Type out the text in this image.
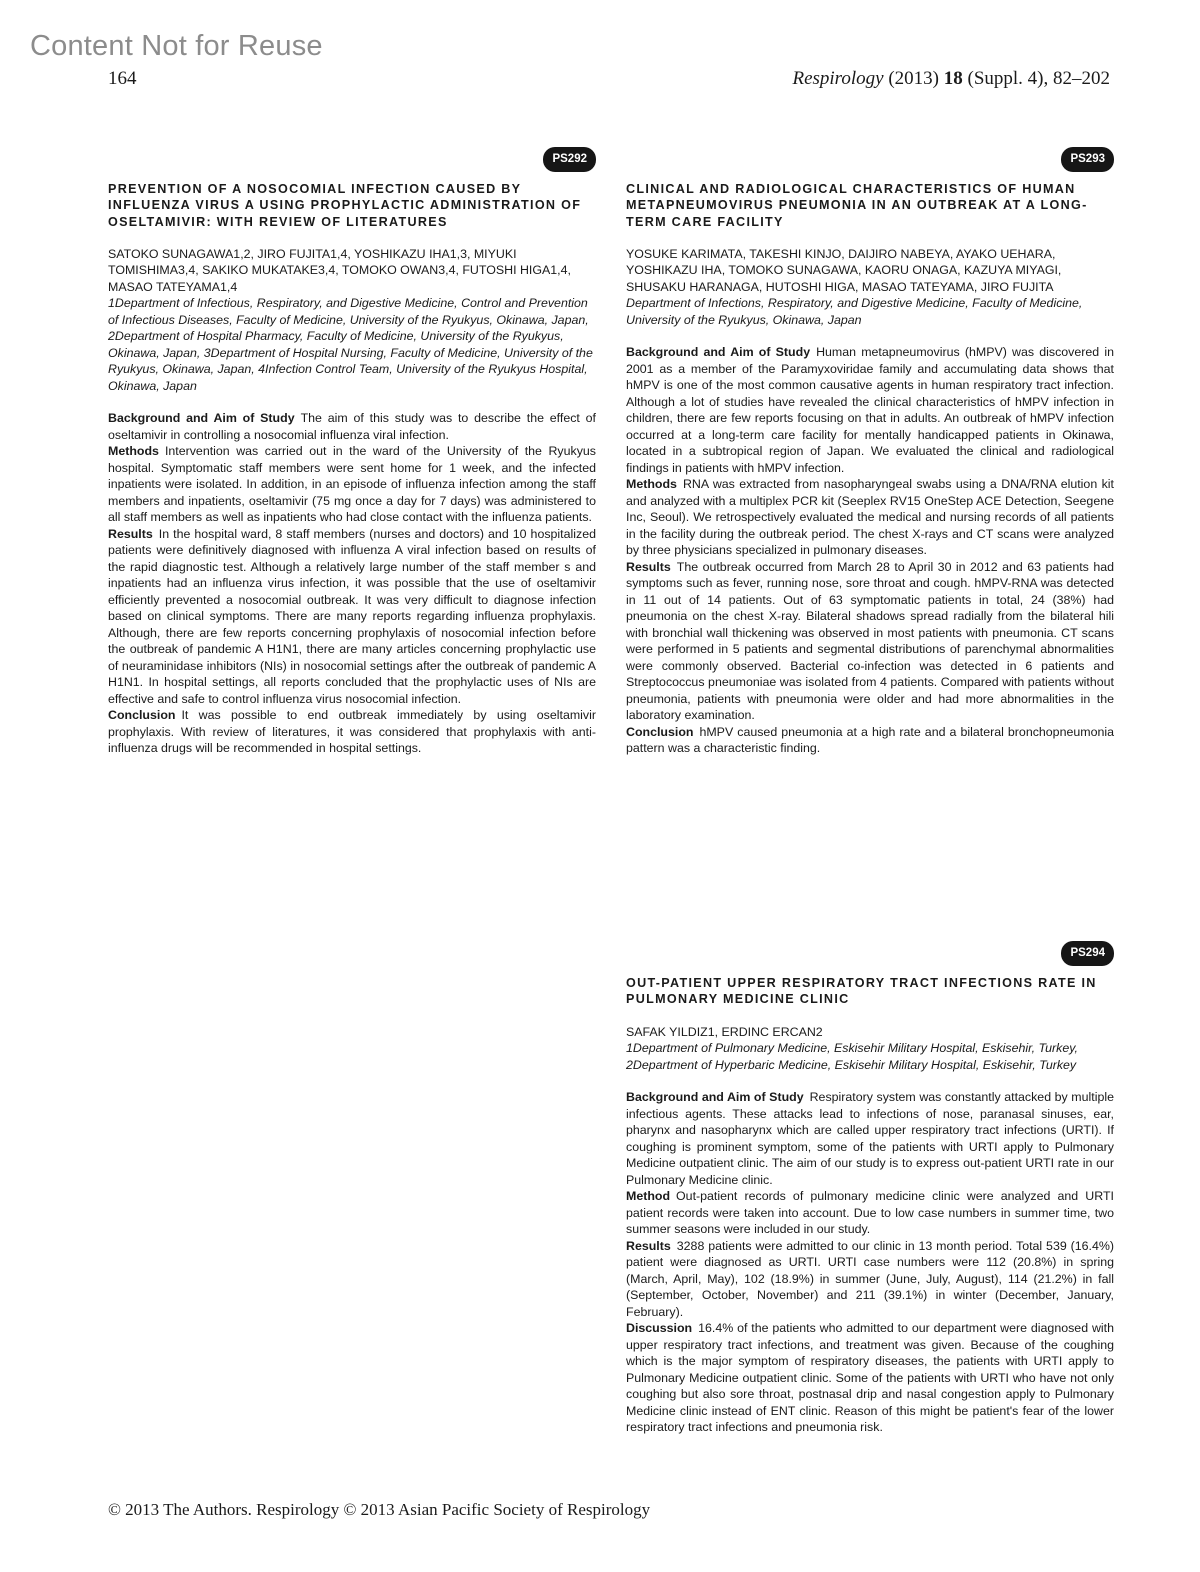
Content Not for Reuse
164	Respirology (2013) 18 (Suppl. 4), 82–202
PS292
PREVENTION OF A NOSOCOMIAL INFECTION CAUSED BY INFLUENZA VIRUS A USING PROPHYLACTIC ADMINISTRATION OF OSELTAMIVIR: WITH REVIEW OF LITERATURES
SATOKO SUNAGAWA1,2, JIRO FUJITA1,4, YOSHIKAZU IHA1,3, MIYUKI TOMISHIMA3,4, SAKIKO MUKATAKE3,4, TOMOKO OWAN3,4, FUTOSHI HIGA1,4, MASAO TATEYAMA1,4
1Department of Infectious, Respiratory, and Digestive Medicine, Control and Prevention of Infectious Diseases, Faculty of Medicine, University of the Ryukyus, Okinawa, Japan, 2Department of Hospital Pharmacy, Faculty of Medicine, University of the Ryukyus, Okinawa, Japan, 3Department of Hospital Nursing, Faculty of Medicine, University of the Ryukyus, Okinawa, Japan, 4Infection Control Team, University of the Ryukyus Hospital, Okinawa, Japan

Background and Aim of Study The aim of this study was to describe the effect of oseltamivir in controlling a nosocomial influenza viral infection.

Methods Intervention was carried out in the ward of the University of the Ryukyus hospital. Symptomatic staff members were sent home for 1 week, and the infected inpatients were isolated. In addition, in an episode of influenza infection among the staff members and inpatients, oseltamivir (75 mg once a day for 7 days) was administered to all staff members as well as inpatients who had close contact with the influenza patients.

Results In the hospital ward, 8 staff members (nurses and doctors) and 10 hospitalized patients were definitively diagnosed with influenza A viral infection based on results of the rapid diagnostic test. Although a relatively large number of the staff member s and inpatients had an influenza virus infection, it was possible that the use of oseltamivir efficiently prevented a nosocomial outbreak. It was very difficult to diagnose infection based on clinical symptoms. There are many reports regarding influenza prophylaxis. Although, there are few reports concerning prophylaxis of nosocomial infection before the outbreak of pandemic A H1N1, there are many articles concerning prophylactic use of neuraminidase inhibitors (NIs) in nosocomial settings after the outbreak of pandemic A H1N1. In hospital settings, all reports concluded that the prophylactic uses of NIs are effective and safe to control influenza virus nosocomial infection.

Conclusion It was possible to end outbreak immediately by using oseltamivir prophylaxis. With review of literatures, it was considered that prophylaxis with anti-influenza drugs will be recommended in hospital settings.

PS293
CLINICAL AND RADIOLOGICAL CHARACTERISTICS OF HUMAN METAPNEUMOVIRUS PNEUMONIA IN AN OUTBREAK AT A LONG-TERM CARE FACILITY
YOSUKE KARIMATA, TAKESHI KINJO, DAIJIRO NABEYA, AYAKO UEHARA, YOSHIKAZU IHA, TOMOKO SUNAGAWA, KAORU ONAGA, KAZUYA MIYAGI, SHUSAKU HARANAGA, HUTOSHI HIGA, MASAO TATEYAMA, JIRO FUJITA
Department of Infections, Respiratory, and Digestive Medicine, Faculty of Medicine, University of the Ryukyus, Okinawa, Japan

Background and Aim of Study Human metapneumovirus (hMPV) was discovered in 2001 as a member of the Paramyxoviridae family and accumulating data shows that hMPV is one of the most common causative agents in human respiratory tract infection. Although a lot of studies have revealed the clinical characteristics of hMPV infection in children, there are few reports focusing on that in adults. An outbreak of hMPV infection occurred at a long-term care facility for mentally handicapped patients in Okinawa, located in a subtropical region of Japan. We evaluated the clinical and radiological findings in patients with hMPV infection.

Methods RNA was extracted from nasopharyngeal swabs using a DNA/RNA elution kit and analyzed with a multiplex PCR kit (Seeplex RV15 OneStep ACE Detection, Seegene Inc, Seoul). We retrospectively evaluated the medical and nursing records of all patients in the facility during the outbreak period. The chest X-rays and CT scans were analyzed by three physicians specialized in pulmonary diseases.

Results The outbreak occurred from March 28 to April 30 in 2012 and 63 patients had symptoms such as fever, running nose, sore throat and cough. hMPV-RNA was detected in 11 out of 14 patients. Out of 63 symptomatic patients in total, 24 (38%) had pneumonia on the chest X-ray. Bilateral shadows spread radially from the bilateral hili with bronchial wall thickening was observed in most patients with pneumonia. CT scans were performed in 5 patients and segmental distributions of parenchymal abnormalities were commonly observed. Bacterial co-infection was detected in 6 patients and Streptococcus pneumoniae was isolated from 4 patients. Compared with patients without pneumonia, patients with pneumonia were older and had more abnormalities in the laboratory examination.

Conclusion hMPV caused pneumonia at a high rate and a bilateral bronchopneumonia pattern was a characteristic finding.

PS294
OUT-PATIENT UPPER RESPIRATORY TRACT INFECTIONS RATE IN PULMONARY MEDICINE CLINIC
SAFAK YILDIZ1, ERDINC ERCAN2
1Department of Pulmonary Medicine, Eskisehir Military Hospital, Eskisehir, Turkey, 2Department of Hyperbaric Medicine, Eskisehir Military Hospital, Eskisehir, Turkey

Background and Aim of Study Respiratory system was constantly attacked by multiple infectious agents. These attacks lead to infections of nose, paranasal sinuses, ear, pharynx and nasopharynx which are called upper respiratory tract infections (URTI). If coughing is prominent symptom, some of the patients with URTI apply to Pulmonary Medicine outpatient clinic. The aim of our study is to express out-patient URTI rate in our Pulmonary Medicine clinic.

Method Out-patient records of pulmonary medicine clinic were analyzed and URTI patient records were taken into account. Due to low case numbers in summer time, two summer seasons were included in our study.

Results 3288 patients were admitted to our clinic in 13 month period. Total 539 (16.4%) patient were diagnosed as URTI. URTI case numbers were 112 (20.8%) in spring (March, April, May), 102 (18.9%) in summer (June, July, August), 114 (21.2%) in fall (September, October, November) and 211 (39.1%) in winter (December, January, February).

Discussion 16.4% of the patients who admitted to our department were diagnosed with upper respiratory tract infections, and treatment was given. Because of the coughing which is the major symptom of respiratory diseases, the patients with URTI apply to Pulmonary Medicine outpatient clinic. Some of the patients with URTI who have not only coughing but also sore throat, postnasal drip and nasal congestion apply to Pulmonary Medicine clinic instead of ENT clinic. Reason of this might be patient's fear of the lower respiratory tract infections and pneumonia risk.

© 2013 The Authors. Respirology © 2013 Asian Pacific Society of Respirology
